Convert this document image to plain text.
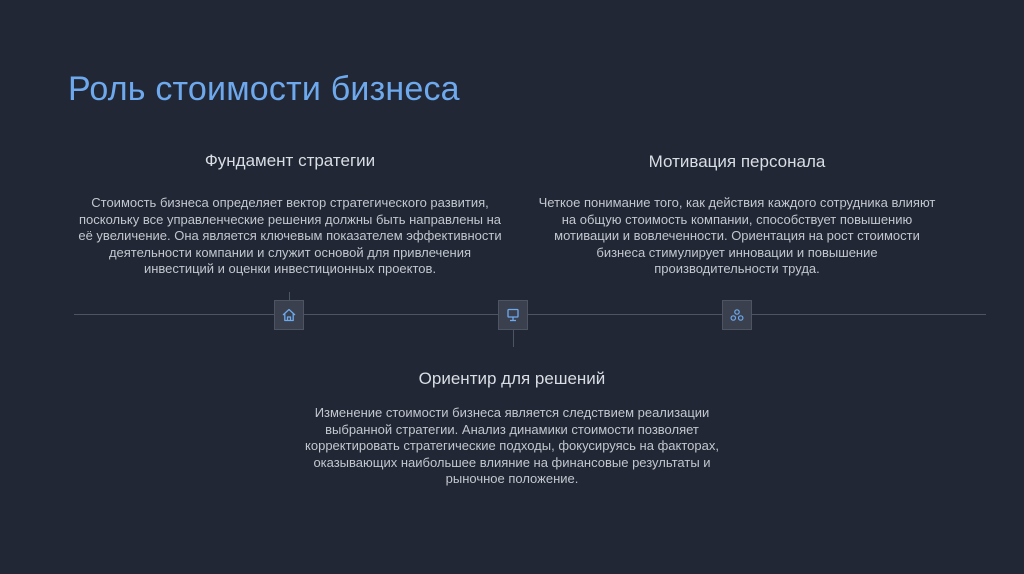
Роль стоимости бизнеса
Фундамент стратегии
Стоимость бизнеса определяет вектор стратегического развития, поскольку все управленческие решения должны быть направлены на её увеличение. Она является ключевым показателем эффективности деятельности компании и служит основой для привлечения инвестиций и оценки инвестиционных проектов.
Мотивация персонала
Четкое понимание того, как действия каждого сотрудника влияют на общую стоимость компании, способствует повышению мотивации и вовлеченности. Ориентация на рост стоимости бизнеса стимулирует инновации и повышение производительности труда.
Ориентир для решений
Изменение стоимости бизнеса является следствием реализации выбранной стратегии. Анализ динамики стоимости позволяет корректировать стратегические подходы, фокусируясь на факторах, оказывающих наибольшее влияние на финансовые результаты и рыночное положение.
